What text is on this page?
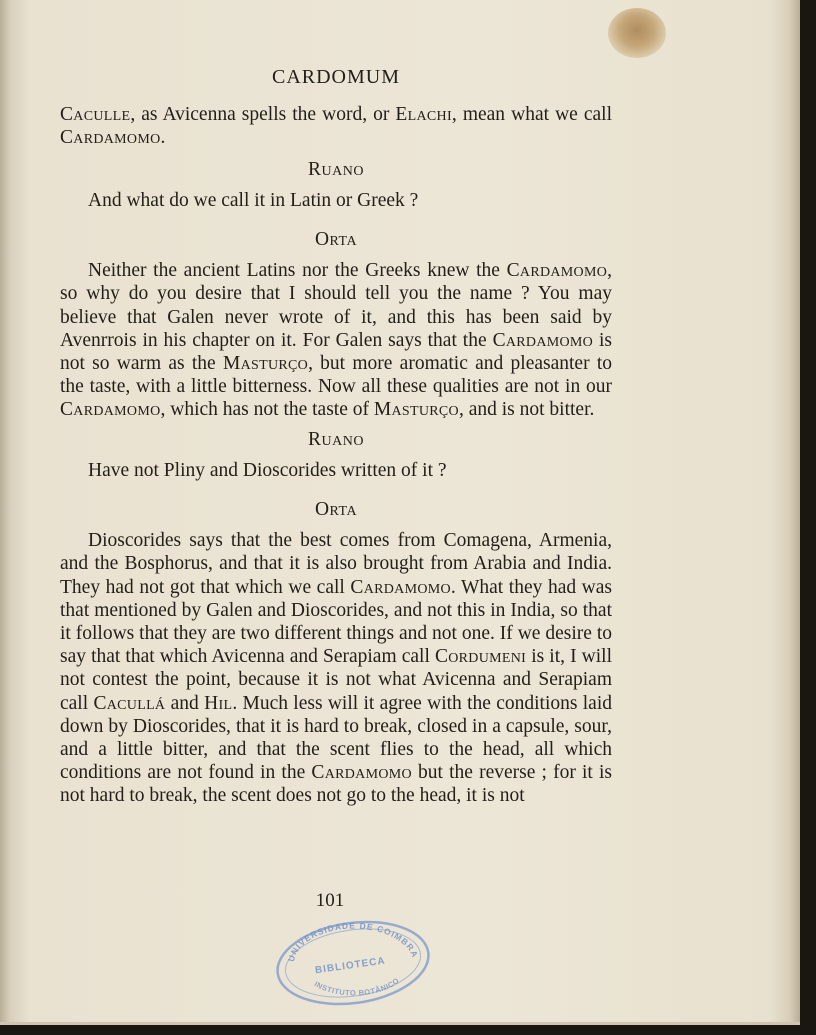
CARDOMUM

Caculle, as Avicenna spells the word, or Elachi, mean what we call Cardamomo.

Ruano

And what do we call it in Latin or Greek ?

Orta

Neither the ancient Latins nor the Greeks knew the Cardamomo, so why do you desire that I should tell you the name ? You may believe that Galen never wrote of it, and this has been said by Avenrrois in his chapter on it. For Galen says that the Cardamomo is not so warm as the Masturço, but more aromatic and pleasanter to the taste, with a little bitterness. Now all these qualities are not in our Cardamomo, which has not the taste of Masturço, and is not bitter.

Ruano

Have not Pliny and Dioscorides written of it ?

Orta

Dioscorides says that the best comes from Comagena, Armenia, and the Bosphorus, and that it is also brought from Arabia and India. They had not got that which we call Cardamomo. What they had was that mentioned by Galen and Dioscorides, and not this in India, so that it follows that they are two different things and not one. If we desire to say that that which Avicenna and Serapiam call Cordumeni is it, I will not contest the point, because it is not what Avicenna and Serapiam call Cacullá and Hil. Much less will it agree with the conditions laid down by Dioscorides, that it is hard to break, closed in a capsule, sour, and a little bitter, and that the scent flies to the head, all which conditions are not found in the Cardamomo but the reverse ; for it is not hard to break, the scent does not go to the head, it is not

101
UNIVERSIDADE DE COIMBRA
BIBLIOTECA
INSTITUTO BOTÂNICO
